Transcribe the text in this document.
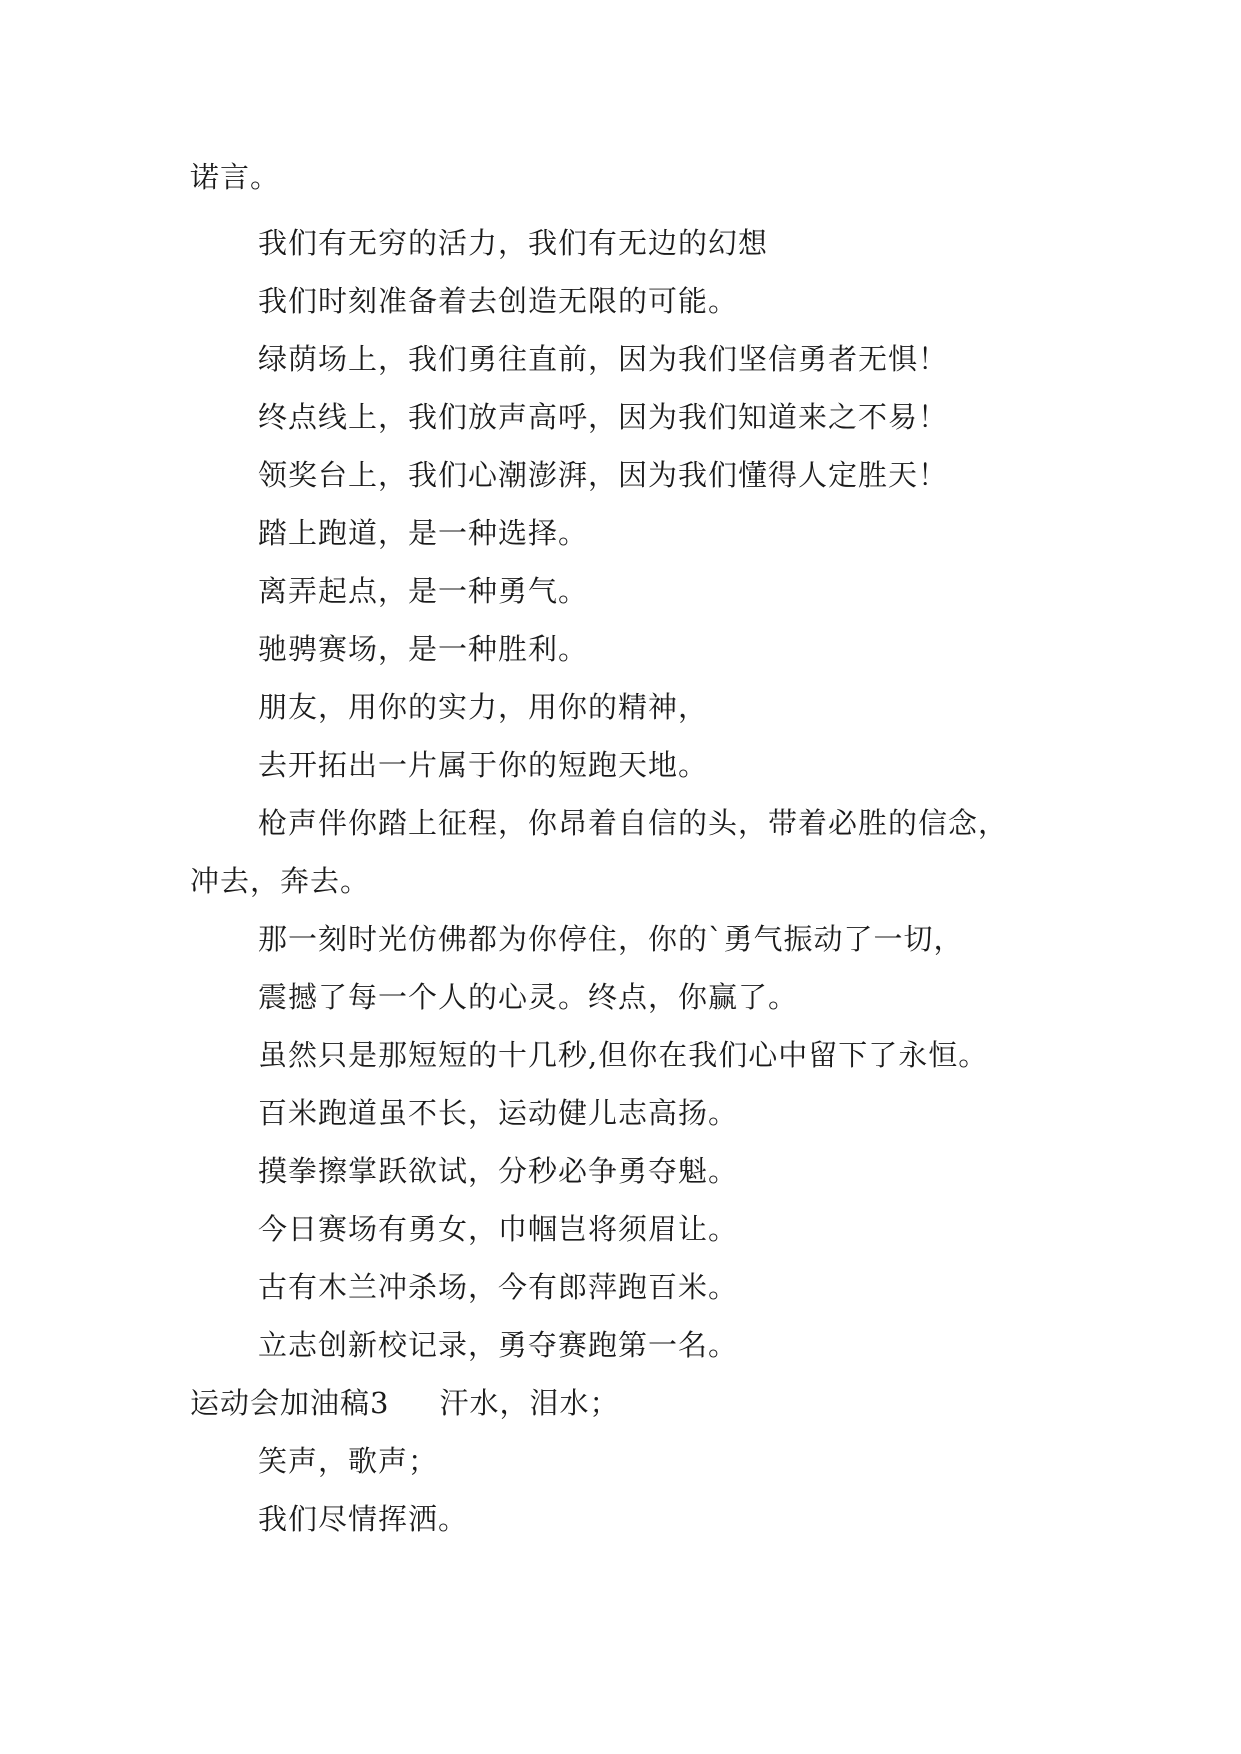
诺言。
我们有无穷的活力，我们有无边的幻想
我们时刻准备着去创造无限的可能。
绿荫场上，我们勇往直前，因为我们坚信勇者无惧！
终点线上，我们放声高呼，因为我们知道来之不易！
领奖台上，我们心潮澎湃，因为我们懂得人定胜天！
踏上跑道，是一种选择。
离弄起点，是一种勇气。
驰骋赛场，是一种胜利。
朋友，用你的实力，用你的精神，
去开拓出一片属于你的短跑天地。
枪声伴你踏上征程，你昂着自信的头，带着必胜的信念，
冲去，奔去。
那一刻时光仿佛都为你停住，你的`勇气振动了一切，
震撼了每一个人的心灵。终点，你赢了。
虽然只是那短短的十几秒,但你在我们心中留下了永恒。
百米跑道虽不长，运动健儿志高扬。
摸拳擦掌跃欲试，分秒必争勇夺魁。
今日赛场有勇女，巾帼岂将须眉让。
古有木兰冲杀场，今有郎萍跑百米。
立志创新校记录，勇夺赛跑第一名。
运动会加油稿3 汗水，泪水；
笑声，歌声；
我们尽情挥洒。
